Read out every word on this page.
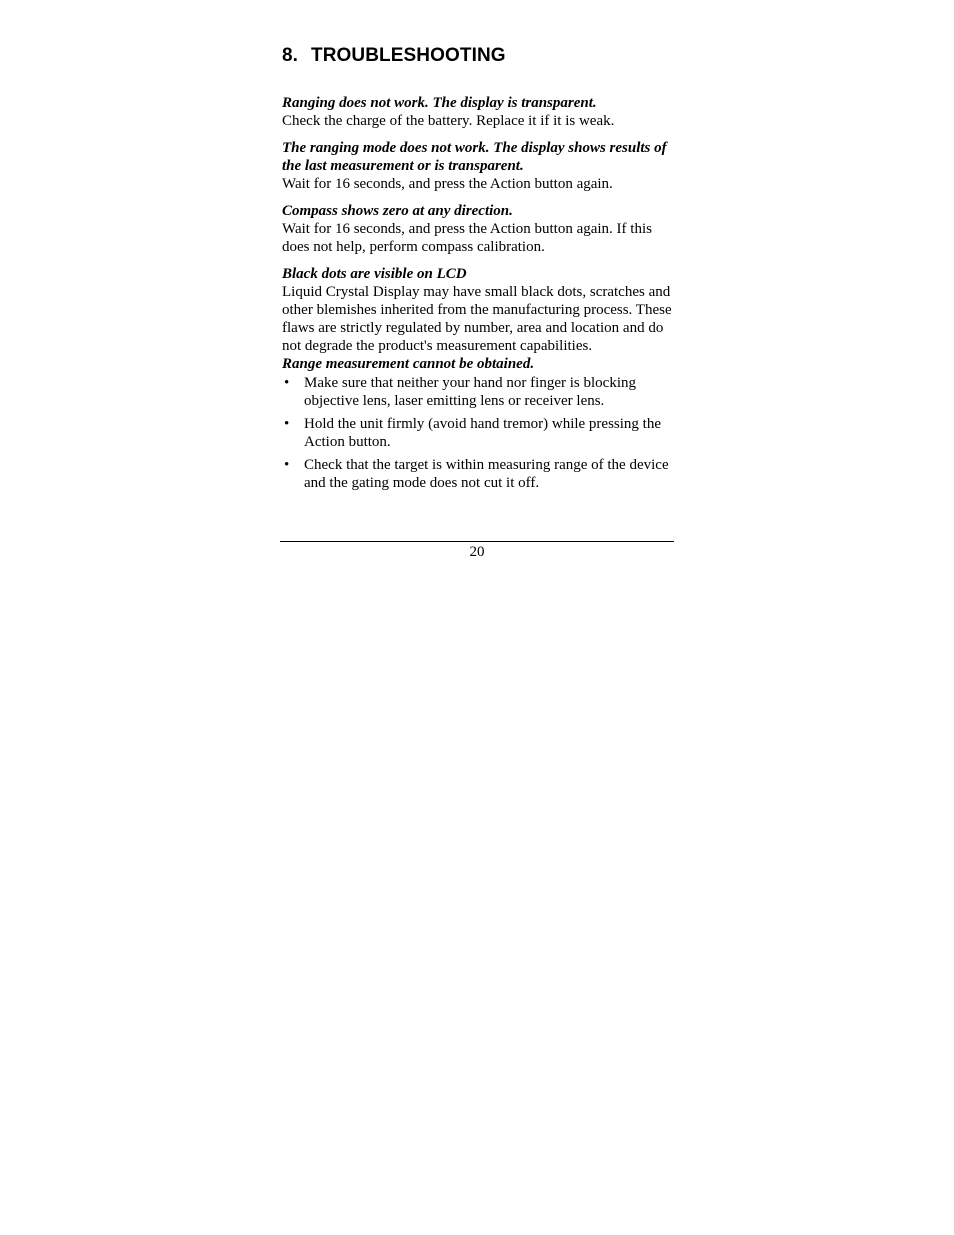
8. TROUBLESHOOTING

Ranging does not work. The display is transparent.

Check the charge of the battery. Replace it if it is weak.

The ranging mode does not work. The display shows results of the last measurement or is transparent.

Wait for 16 seconds, and press the Action button again.

Compass shows zero at any direction.

Wait for 16 seconds, and press the Action button again. If this does not help, perform compass calibration.

Black dots are visible on LCD

Liquid Crystal Display may have small black dots, scratches and other blemishes inherited from the manufacturing process. These flaws are strictly regulated by number, area and location and do not degrade the product's measurement capabilities.

Range measurement cannot be obtained.

• Make sure that neither your hand nor finger is blocking objective lens, laser emitting lens or receiver lens.
• Hold the unit firmly (avoid hand tremor) while pressing the Action button.
• Check that the target is within measuring range of the device and the gating mode does not cut it off.
20
